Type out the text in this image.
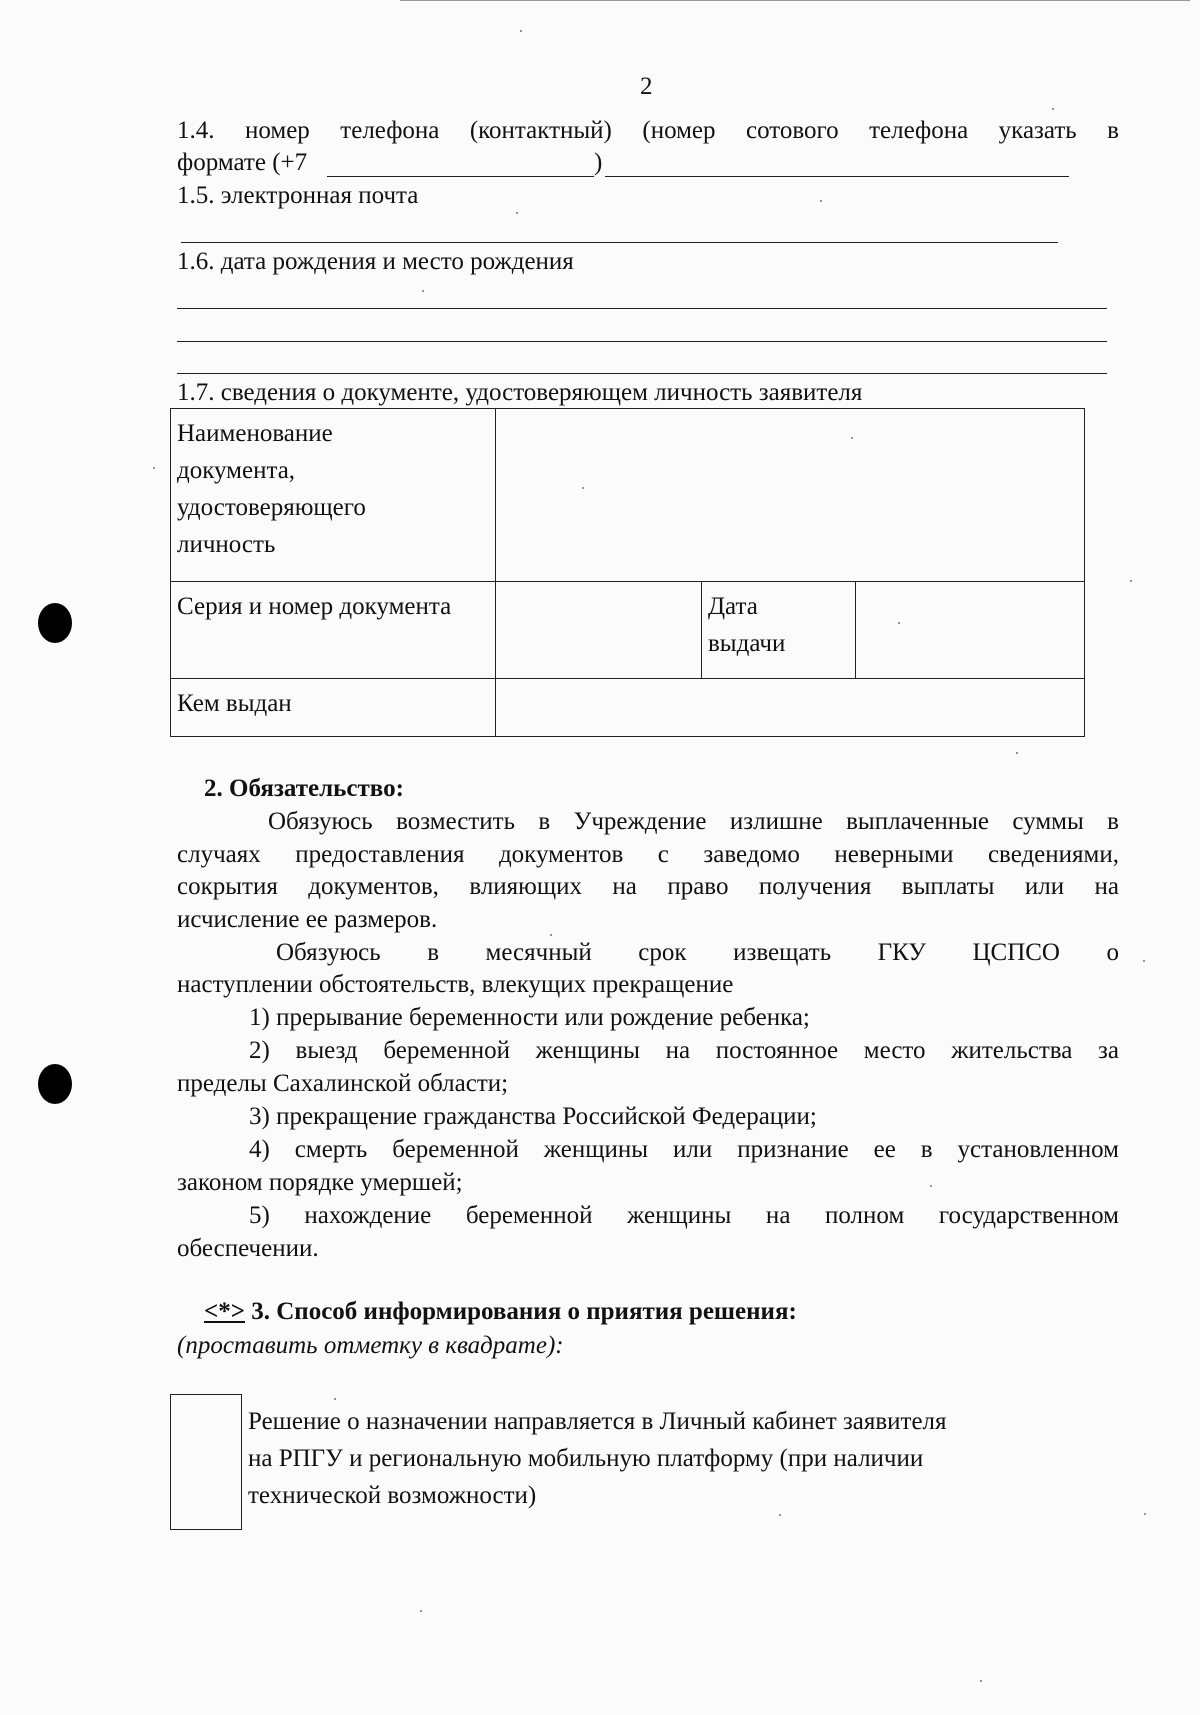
2
1.4. номер телефона (контактный) (номер сотового телефона указать в
формате (+7	)
1.5. электронная почта
1.6. дата рождения и место рождения
1.7. сведения о документе, удостоверяющем личность заявителя
Наименование
документа,
удостоверяющего
личность			

Серия и номер документа		Дата
выдачи	

Кем выдан			
2. Обязательство:
Обязуюсь возместить в Учреждение излишне выплаченные суммы в
случаях предоставления документов с заведомо неверными сведениями,
сокрытия документов, влияющих на право получения выплаты или на
исчисление ее размеров.
Обязуюсь в месячный срок извещать ГКУ ЦСПСО о
наступлении обстоятельств, влекущих прекращение
1) прерывание беременности или рождение ребенка;
2) выезд беременной женщины на постоянное место жительства за
пределы Сахалинской области;
3) прекращение гражданства Российской Федерации;
4) смерть беременной женщины или признание ее в установленном
законом порядке умершей;
5) нахождение беременной женщины на полном государственном
обеспечении.
<*> 3. Способ информирования о приятия решения:
(проставить отметку в квадрате):
Решение о назначении направляется в Личный кабинет заявителя
на РПГУ и региональную мобильную платформу (при наличии
технической возможности)
